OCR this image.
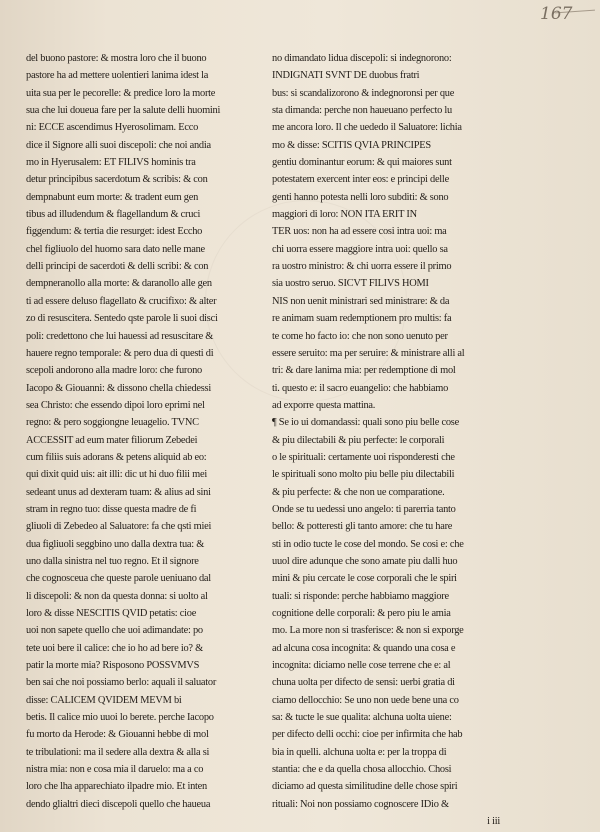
167
del buono pastore: & mostra loro che il buono
pastore ha ad mettere uolentieri lanima idest la
uita sua per le pecorelle: & predice loro la morte
sua che lui doueua fare per la salute delli huomini
ni: ECCE ascendimus Hyerosolimam. Ecco
dice il Signore alli suoi discepoli: che noi andia
mo in Hyerusalem: ET FILIVS hominis tra
detur principibus sacerdotum & scribis: & con
dempnabunt eum morte: & tradent eum gen
tibus ad illudendum & flagellandum & cruci
figgendum: & tertia die resurget: idest Eccho
chel figliuolo del huomo sara dato nelle mane
delli principi de sacerdoti & delli scribi: & con
dempneranollo alla morte: & daranollo alle gen
ti ad essere deluso flagellato & crucifixo: & alter
zo di resuscitera. Sentedo qste parole li suoi disci
poli: credettono che lui hauessi ad resuscitare &
hauere regno temporale: & pero dua di questi di
scepoli andorono alla madre loro: che furono
Iacopo & Giouanni: & dissono chella chiedessi
sea Christo: che essendo dipoi loro eprimi nel
regno: & pero soggiongne leuagelio. TVNC
ACCESSIT ad eum mater filiorum Zebedei
cum filiis suis adorans & petens aliquid ab eo:
qui dixit quid uis: ait illi: dic ut hi duo filii mei
sedeant unus ad dexteram tuam: & alius ad sini
stram in regno tuo: disse questa madre de fi
gliuoli di Zebedeo al Saluatore: fa che qsti miei
dua figliuoli seggbino uno dalla dextra tua: &
uno dalla sinistra nel tuo regno. Et il signore
che cognosceua che queste parole ueniuano dal
li discepoli: & non da questa donna: si uolto al
loro & disse NESCITIS QVID petatis: cioe
uoi non sapete quello che uoi adimandate: po
tete uoi bere il calice: che io ho ad bere io? &
patir la morte mia? Risposono POSSVMVS
ben sai che noi possiamo berlo: aquali il saluator
disse: CALICEM QVIDEM MEVM bi
betis. Il calice mio uuoi lo berete. perche Iacopo
fu morto da Herode: & Giouanni hebbe di mol
te tribulationi: ma il sedere alla dextra & alla si
nistra mia: non e cosa mia il daruelo: ma a co
loro che lha apparechiato ilpadre mio. Et inten
dendo glialtri dieci discepoli quello che haueua
no dimandato lidua discepoli: si indegnorono:
INDIGNATI SVNT DE duobus fratri
bus: si scandalizorono & indegnoronsi per que
sta dimanda: perche non haueuano perfecto lu
me ancora loro. Il che uededo il Saluatore: lichia
mo & disse: SCITIS QVIA PRINCIPES
gentiu dominantur eorum: & qui maiores sunt
potestatem exercent inter eos: e principi delle
genti hanno potesta nelli loro subditi: & sono
maggiori di loro: NON ITA ERIT IN
TER uos: non ha ad essere cosi intra uoi: ma
chi uorra essere maggiore intra uoi: quello sa
ra uostro ministro: & chi uorra essere il primo
sia uostro seruo. SICVT FILIVS HOMI
NIS non uenit ministrari sed ministrare: & da
re animam suam redemptionem pro multis: fa
te come ho facto io: che non sono uenuto per
essere seruito: ma per seruire: & ministrare alli al
tri: & dare lanima mia: per redemptione di mol
ti. questo e: il sacro euangelio: che habbiamo
ad exporre questa mattina.
¶ Se io ui domandassi: quali sono piu belle cose
& piu dilectabili & piu perfecte: le corporali
o le spirituali: certamente uoi risponderesti che
le spirituali sono molto piu belle piu dilectabili
& piu perfecte: & che non ue comparatione.
Onde se tu uedessi uno angelo: ti parerria tanto
bello: & potteresti gli tanto amore: che tu hare
sti in odio tucte le cose del mondo. Se cosi e: che
uuol dire adunque che sono amate piu dalli huo
mini & piu cercate le cose corporali che le spiri
tuali: si risponde: perche habbiamo maggiore
cognitione delle corporali: & pero piu le amia
mo. La more non si trasferisce: & non si exporge
ad alcuna cosa incognita: & quando una cosa e
incognita: diciamo nelle cose terrene che e: al
chuna uolta per difecto de sensi: uerbi gratia di
ciamo dellocchio: Se uno non uede bene una co
sa: & tucte le sue qualita: alchuna uolta uiene:
per difecto delli occhi: cioe per infirmita che hab
bia in quelli. alchuna uolta e: per la troppa di
stantia: che e da quella chosa allocchio. Chosi
diciamo ad questa similitudine delle chose spiri
rituali: Noi non possiamo cognoscere IDio &
i iii
